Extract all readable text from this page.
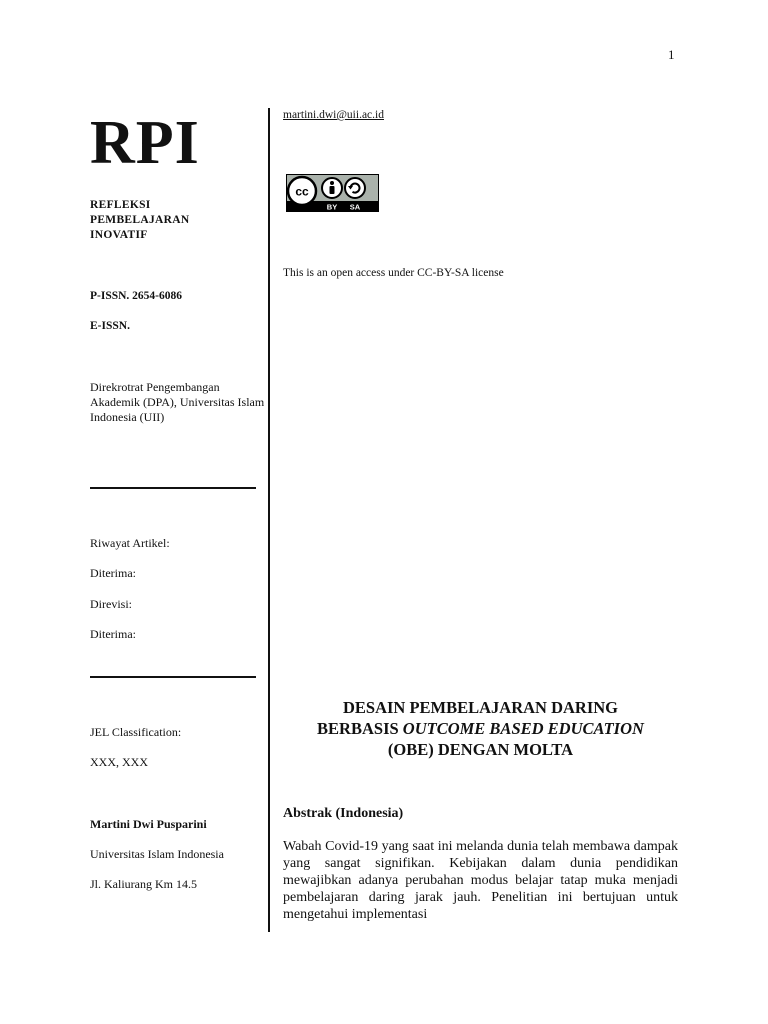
1
RPI
REFLEKSI
PEMBELAJARAN
INOVATIF
P-ISSN. 2654-6086
E-ISSN.
Direkrotrat Pengembangan Akademik (DPA), Universitas Islam Indonesia (UII)
Riwayat Artikel:
Diterima:
Direvisi:
Diterima:
JEL Classification:
XXX, XXX
Martini Dwi Pusparini
Universitas Islam Indonesia
Jl. Kaliurang Km 14.5
martini.dwi@uii.ac.id
cc
BY SA
This is an open access under CC-BY-SA license
DESAIN PEMBELAJARAN DARING
BERBASIS OUTCOME BASED EDUCATION
(OBE) DENGAN MOLTA
Abstrak (Indonesia)
Wabah Covid-19 yang saat ini melanda dunia telah membawa dampak yang sangat signifikan. Kebijakan dalam dunia pendidikan mewajibkan adanya perubahan modus belajar tatap muka menjadi pembelajaran daring jarak jauh. Penelitian ini bertujuan untuk mengetahui implementasi
